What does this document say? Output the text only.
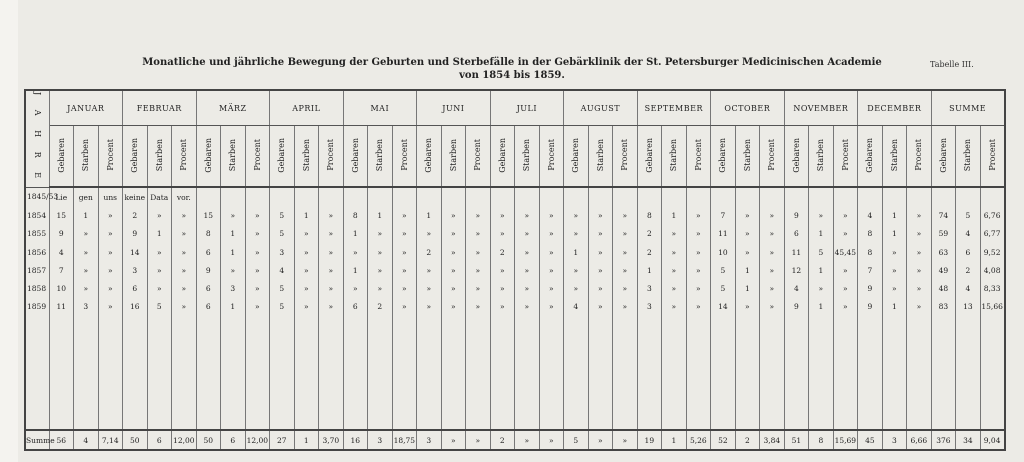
Monatliche und jährliche Bewegung der Geburten und Sterbefälle in der Gebärklinik der St. Petersburger Medicinischen Academie
von 1854 bis 1859.
Tabelle III.
J A H R E	JANUAR			FEBRUAR			MÄRZ			APRIL			MAI			JUNI			JULI			AUGUST			SEPTEMBER			OCTOBER			NOVEMBER			DECEMBER			SUMME		
	Gebaren	Starben	Procent	Gebaren	Starben	Procent	Gebaren	Starben	Procent	Gebaren	Starben	Procent	Gebaren	Starben	Procent	Gebaren	Starben	Procent	Gebaren	Starben	Procent	Gebaren	Starben	Procent	Gebaren	Starben	Procent	Gebaren	Starben	Procent	Gebaren	Starben	Procent	Gebaren	Starben	Procent	Gebaren	Starben	Procent
1845/53	Lie	gen	uns	keine	Data	vor.																																	
1854	15	1	»	2	»	»	15	»	»	5	1	»	8	1	»	1	»	»	»	»	»	»	»	»	8	1	»	7	»	»	9	»	»	4	1	»	74	5	6,76
1855	9	»	»	9	1	»	8	1	»	5	»	»	1	»	»	»	»	»	»	»	»	»	»	»	2	»	»	11	»	»	6	1	»	8	1	»	59	4	6,77
1856	4	»	»	14	»	»	6	1	»	3	»	»	»	»	»	2	»	»	2	»	»	1	»	»	2	»	»	10	»	»	11	5	45,45	8	»	»	63	6	9,52
1857	7	»	»	3	»	»	9	»	»	4	»	»	1	»	»	»	»	»	»	»	»	»	»	»	1	»	»	5	1	»	12	1	»	7	»	»	49	2	4,08
1858	10	»	»	6	»	»	6	3	»	5	»	»	»	»	»	»	»	»	»	»	»	»	»	»	3	»	»	5	1	»	4	»	»	9	»	»	48	4	8,33
1859	11	3	»	16	5	»	6	1	»	5	»	»	6	2	»	»	»	»	»	»	»	4	»	»	3	»	»	14	»	»	9	1	»	9	1	»	83	13	15,66

Summe	56	4	7,14	50	6	12,00	50	6	12,00	27	1	3,70	16	3	18,75	3	»	»	2	»	»	5	»	»	19	1	5,26	52	2	3,84	51	8	15,69	45	3	6,66	376	34	9,04
